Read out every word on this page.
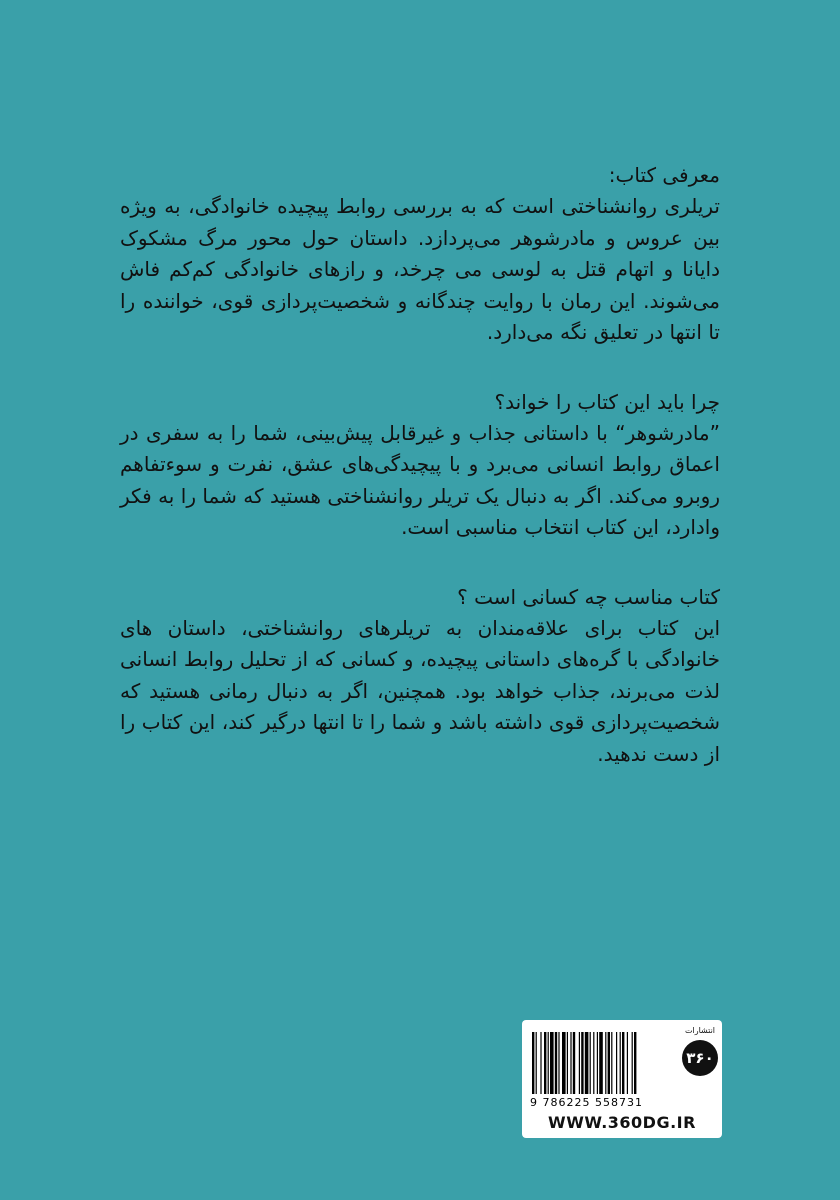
معرفی کتاب:

تریلری روانشناختی است که به بررسی روابط پیچیده خانوادگی، به ویژه بین عروس و مادرشوهر می‌پردازد. داستان حول محور مرگ مشکوک دایانا و اتهام قتل به لوسی می چرخد، و رازهای خانوادگی کم‌کم فاش می‌شوند. این رمان با روایت چندگانه و شخصیت‌پردازی قوی، خواننده را تا انتها در تعلیق نگه می‌دارد.

چرا باید این کتاب را خواند؟

”مادرشوهر“ با داستانی جذاب و غیرقابل پیش‌بینی، شما را به سفری در اعماق روابط انسانی می‌برد و با پیچیدگی‌های عشق، نفرت و سوء‌تفاهم روبرو می‌کند. اگر به دنبال یک تریلر روانشناختی هستید که شما را به فکر وادارد، این کتاب انتخاب مناسبی است.

کتاب مناسب چه کسانی است ؟

این کتاب برای علاقه‌مندان به تریلرهای روانشناختی، داستان های خانوادگی با گره‌های داستانی پیچیده، و کسانی که از تحلیل روابط انسانی لذت می‌برند، جذاب خواهد بود. همچنین، اگر به دنبال رمانی هستید که شخصیت‌پردازی قوی داشته باشد و شما را تا انتها درگیر کند، این کتاب را از دست ندهید.

9 786225 558731
انتشارات
۳۶۰
WWW.360DG.IR
